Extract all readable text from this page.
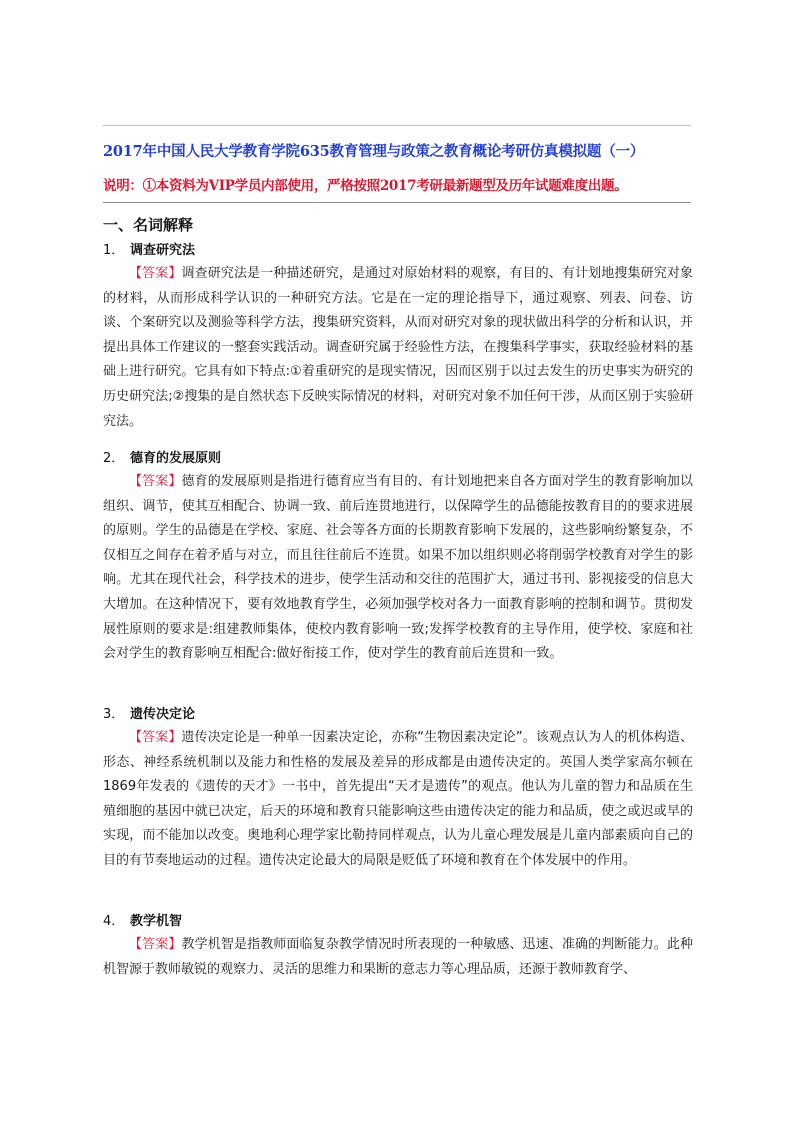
2017年中国人民大学教育学院635教育管理与政策之教育概论考研仿真模拟题（一）
说明：①本资料为VIP学员内部使用，严格按照2017考研最新题型及历年试题难度出题。
一、名词解释
1． 调查研究法
【答案】调查研究法是一种描述研究，是通过对原始材料的观察，有目的、有计划地搜集研究对象的材料，从而形成科学认识的一种研究方法。它是在一定的理论指导下，通过观察、列表、问卷、访谈、个案研究以及测验等科学方法，搜集研究资料，从而对研究对象的现状做出科学的分析和认识，并提出具体工作建议的一整套实践活动。调查研究属于经验性方法，在搜集科学事实，获取经验材料的基础上进行研究。它具有如下特点:①着重研究的是现实情况，因而区别于以过去发生的历史事实为研究的历史研究法;②搜集的是自然状态下反映实际情况的材料，对研究对象不加任何干涉，从而区别于实验研究法。
2． 德育的发展原则
【答案】德育的发展原则是指进行德育应当有目的、有计划地把来自各方面对学生的教育影响加以组织、调节，使其互相配合、协调一致、前后连贯地进行，以保障学生的品德能按教育目的的要求进展的原则。学生的品德是在学校、家庭、社会等各方面的长期教育影响下发展的，这些影响纷繁复杂，不仅相互之间存在着矛盾与对立，而且往往前后不连贯。如果不加以组织则必将削弱学校教育对学生的影响。尤其在现代社会，科学技术的进步，使学生活动和交往的范围扩大，通过书刊、影视接受的信息大大增加。在这种情况下，要有效地教育学生，必须加强学校对各力一面教育影响的控制和调节。贯彻发展性原则的要求是:组建教师集体，使校内教育影响一致;发挥学校教育的主导作用，使学校、家庭和社会对学生的教育影响互相配合:做好衔接工作，使对学生的教育前后连贯和一致。
3． 遗传决定论
【答案】遗传决定论是一种单一因素决定论，亦称“生物因素决定论”。该观点认为人的机体构造、形态、神经系统机制以及能力和性格的发展及差异的形成都是由遗传决定的。英国人类学家高尔顿在1869年发表的《遗传的天才》一书中，首先提出“天才是遗传”的观点。他认为儿童的智力和品质在生殖细胞的基因中就已决定，后天的环境和教育只能影响这些由遗传决定的能力和品质，使之或迟或早的实现，而不能加以改变。奥地利心理学家比勒持同样观点，认为儿童心理发展是儿童内部素质向自己的目的有节奏地运动的过程。遗传决定论最大的局限是贬低了环境和教育在个体发展中的作用。
4． 教学机智
【答案】教学机智是指教师面临复杂教学情况时所表现的一种敏感、迅速、准确的判断能力。此种机智源于教师敏锐的观察力、灵活的思维力和果断的意志力等心理品质，还源于教师教育学、
